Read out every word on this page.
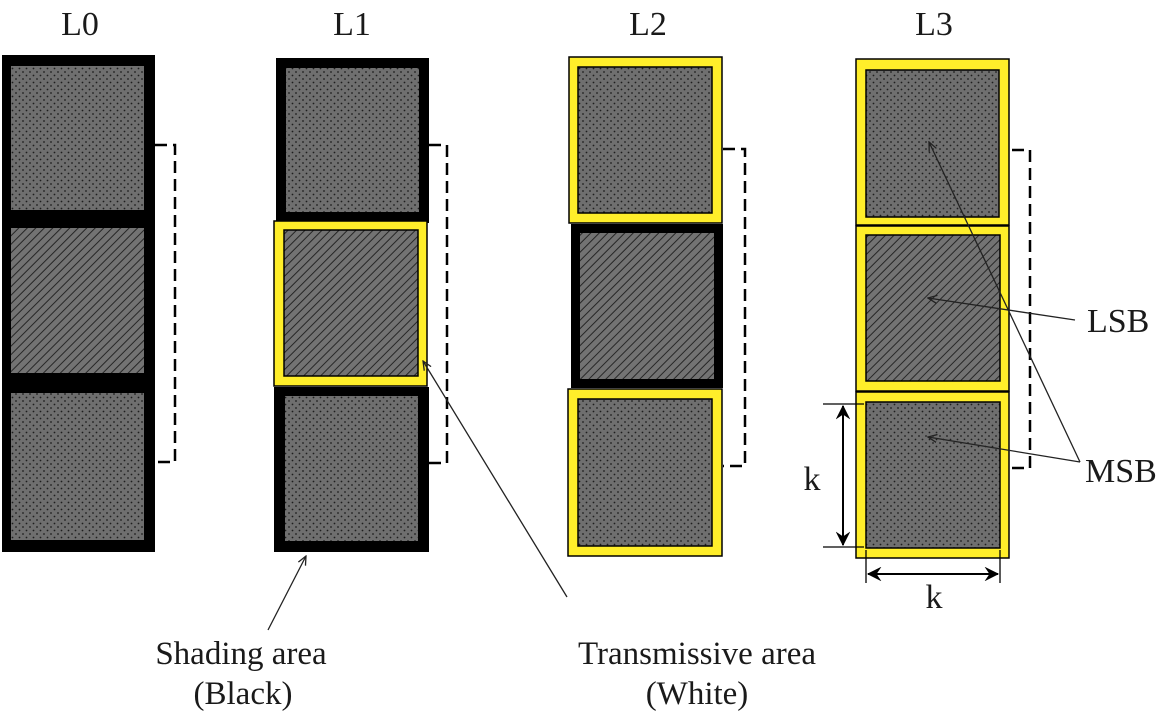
L0	L1	L2	L3
k
k
LSB
MSB
Shading area
(Black)
Transmissive area
(White)
